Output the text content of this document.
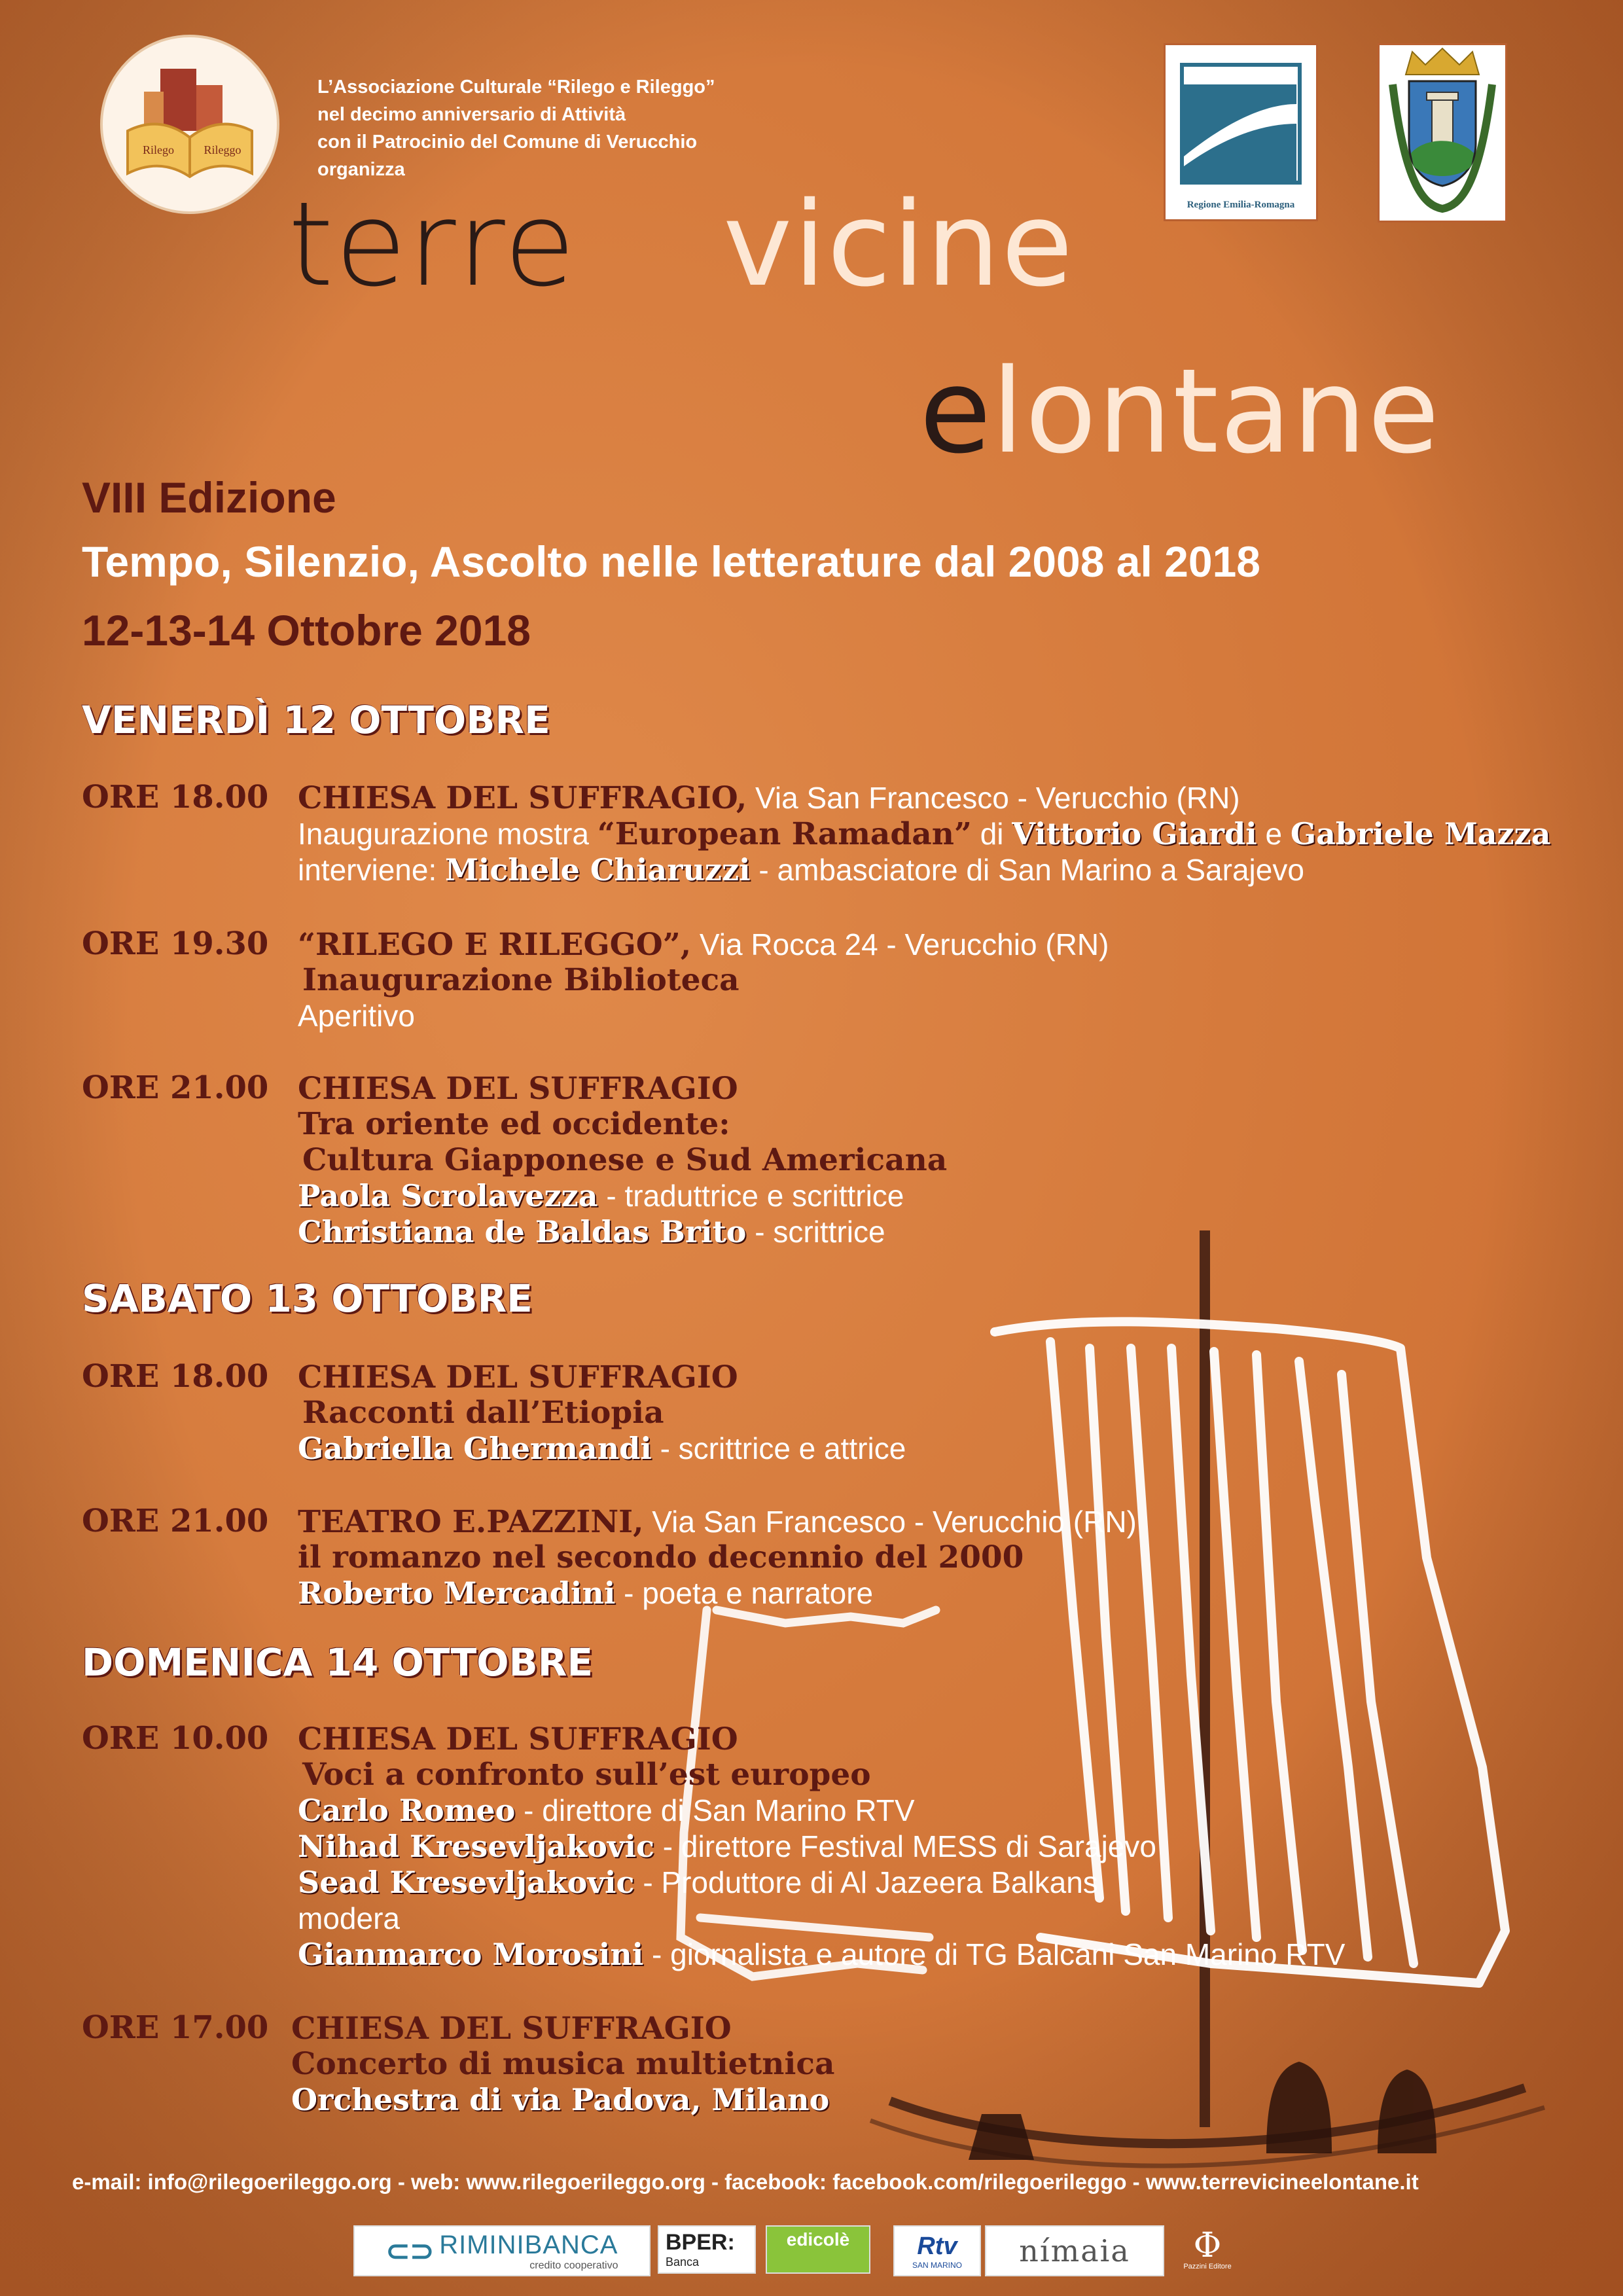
Rilego	Rileggo
L’Associazione Culturale “Rilego e Rileggo”
nel decimo anniversario di Attività
con il Patrocinio del Comune di Verucchio
organizza
Regione Emilia-Romagna
terre vicine
e
lontane
VIII Edizione
Tempo, Silenzio, Ascolto nelle letterature dal 2008 al 2018
12-13-14 Ottobre 2018
VENERDÌ 12 OTTOBRE
ORE 18.00 CHIESA DEL SUFFRAGIO, Via San Francesco - Verucchio (RN)
Inaugurazione mostra “European Ramadan” di Vittorio Giardi e Gabriele Mazza
interviene: Michele Chiaruzzi - ambasciatore di San Marino a Sarajevo
ORE 19.30 “RILEGO E RILEGGO”, Via Rocca 24 - Verucchio (RN)
Inaugurazione Biblioteca
Aperitivo
ORE 21.00 CHIESA DEL SUFFRAGIO
Tra oriente ed occidente:
Cultura Giapponese e Sud Americana
Paola Scrolavezza - traduttrice e scrittrice
Christiana de Baldas Brito - scrittrice
SABATO 13 OTTOBRE
ORE 18.00 CHIESA DEL SUFFRAGIO
Racconti dall’Etiopia
Gabriella Ghermandi - scrittrice e attrice
ORE 21.00 TEATRO E.PAZZINI, Via San Francesco - Verucchio (RN)
il romanzo nel secondo decennio del 2000
Roberto Mercadini - poeta e narratore
DOMENICA 14 OTTOBRE
ORE 10.00 CHIESA DEL SUFFRAGIO
Voci a confronto sull’est europeo
Carlo Romeo - direttore di San Marino RTV
Nihad Kresevljakovic - direttore Festival MESS di Sarajevo
Sead Kresevljakovic - Produttore di Al Jazeera Balkans
modera
Gianmarco Morosini - giornalista e autore di TG Balcani San Marino RTV
ORE 17.00 CHIESA DEL SUFFRAGIO
Concerto di musica multietnica
Orchestra di via Padova, Milano
e-mail: info@rilegoerileggo.org - web: www.rilegoerileggo.org - facebook: facebook.com/rilegoerileggo - www.terrevicineelontane.it
⊂⊃ RIMINIBANCA
credito cooperativo
BPER:
Banca
edicolè	Rtv
SAN MARINO nímaia Φ
Pazzini Editore
